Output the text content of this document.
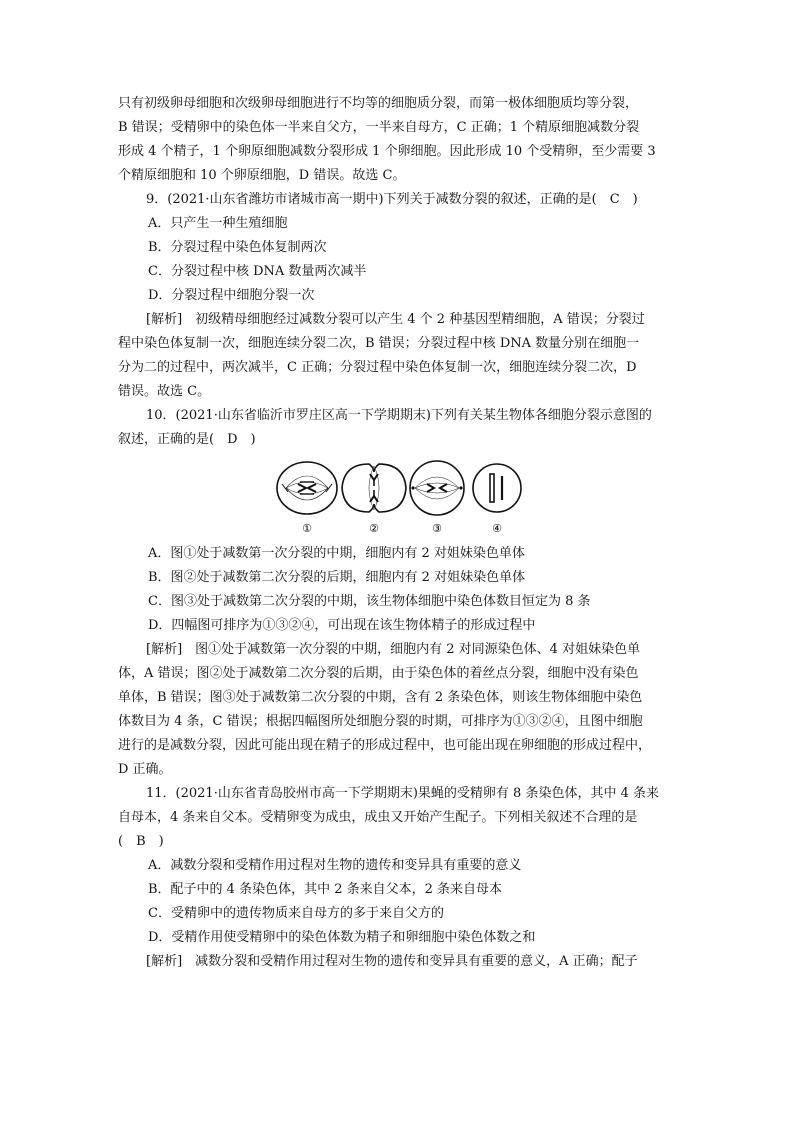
只有初级卵母细胞和次级卵母细胞进行不均等的细胞质分裂，而第一极体细胞质均等分裂，

B 错误；受精卵中的染色体一半来自父方，一半来自母方，C 正确；1 个精原细胞减数分裂

形成 4 个精子，1 个卵原细胞减数分裂形成 1 个卵细胞。因此形成 10 个受精卵，至少需要 3

个精原细胞和 10 个卵原细胞，D 错误。故选 C。

9．(2021·山东省潍坊市诸城市高一期中)下列关于减数分裂的叙述，正确的是(　C　)

A．只产生一种生殖细胞

B．分裂过程中染色体复制两次

C．分裂过程中核 DNA 数量两次减半

D．分裂过程中细胞分裂一次

[解析]　初级精母细胞经过减数分裂可以产生 4 个 2 种基因型精细胞，A 错误；分裂过

程中染色体复制一次，细胞连续分裂二次，B 错误；分裂过程中核 DNA 数量分别在细胞一

分为二的过程中，两次减半，C 正确；分裂过程中染色体复制一次，细胞连续分裂二次，D

错误。故选 C。

10．(2021·山东省临沂市罗庄区高一下学期期末)下列有关某生物体各细胞分裂示意图的

叙述，正确的是(　D　)

①	②	③	④

A．图①处于减数第一次分裂的中期，细胞内有 2 对姐妹染色单体

B．图②处于减数第二次分裂的后期，细胞内有 2 对姐妹染色单体

C．图③处于减数第二次分裂的中期，该生物体细胞中染色体数目恒定为 8 条

D．四幅图可排序为①③②④，可出现在该生物体精子的形成过程中

[解析]　图①处于减数第一次分裂的中期，细胞内有 2 对同源染色体、4 对姐妹染色单

体，A 错误；图②处于减数第二次分裂的后期，由于染色体的着丝点分裂，细胞中没有染色

单体，B 错误；图③处于减数第二次分裂的中期，含有 2 条染色体，则该生物体细胞中染色

体数目为 4 条，C 错误；根据四幅图所处细胞分裂的时期，可排序为①③②④，且图中细胞

进行的是减数分裂，因此可能出现在精子的形成过程中，也可能出现在卵细胞的形成过程中，

D 正确。

11．(2021·山东省青岛胶州市高一下学期期末)果蝇的受精卵有 8 条染色体，其中 4 条来

自母本，4 条来自父本。受精卵变为成虫，成虫又开始产生配子。下列相关叙述不合理的是

(　B　)

A．减数分裂和受精作用过程对生物的遗传和变异具有重要的意义

B．配子中的 4 条染色体，其中 2 条来自父本，2 条来自母本

C．受精卵中的遗传物质来自母方的多于来自父方的

D．受精作用使受精卵中的染色体数为精子和卵细胞中染色体数之和

[解析]　减数分裂和受精作用过程对生物的遗传和变异具有重要的意义，A 正确；配子
